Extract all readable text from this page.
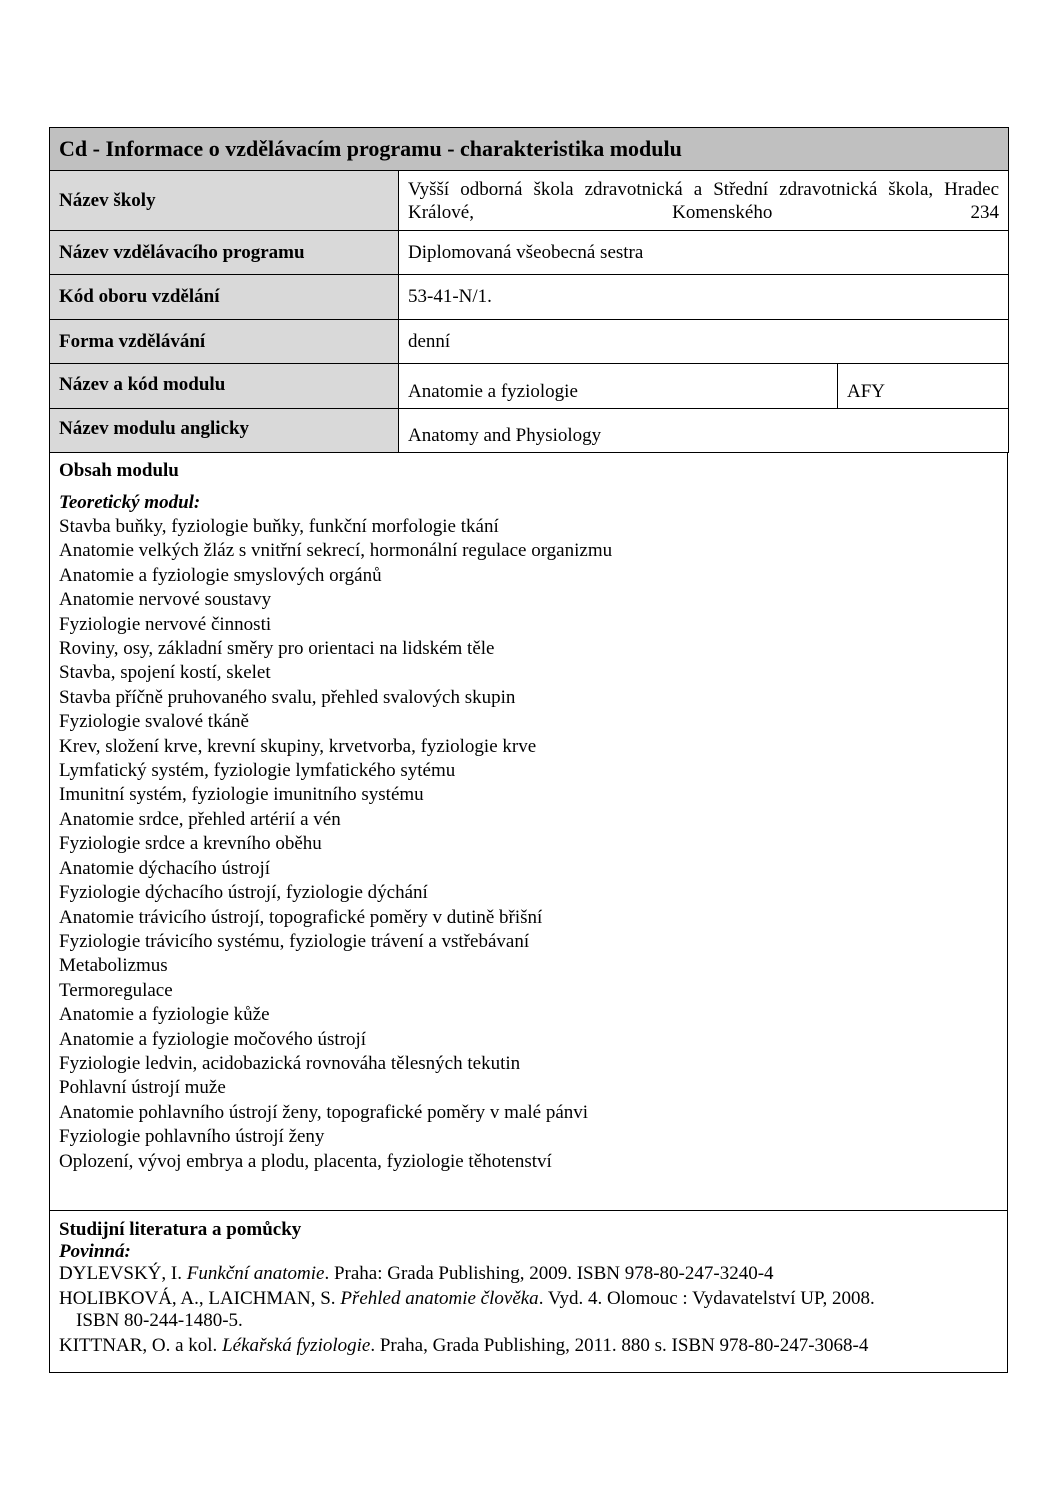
Cd - Informace o vzdělávacím programu - charakteristika modulu		
Název školy	Vyšší odborná škola zdravotnická a Střední zdravotnická škola, Hradec Králové, Komenského 234	
Název vzdělávacího programu	Diplomovaná všeobecná sestra	
Kód oboru vzdělání	53-41-N/1.	
Forma vzdělávání	denní	
Název a kód modulu	Anatomie a fyziologie	AFY
Název modulu anglicky	Anatomy and Physiology	
Obsah modulu
Teoretický modul:
Stavba buňky, fyziologie buňky, funkční morfologie tkání
Anatomie velkých žláz s vnitřní sekrecí, hormonální regulace organizmu
Anatomie a fyziologie smyslových orgánů
Anatomie nervové soustavy
Fyziologie nervové činnosti
Roviny, osy, základní směry pro orientaci na lidském těle
Stavba, spojení kostí, skelet
Stavba příčně pruhovaného svalu, přehled svalových skupin
Fyziologie svalové tkáně
Krev, složení krve, krevní skupiny, krvetvorba, fyziologie krve
Lymfatický systém, fyziologie lymfatického sytému
Imunitní systém, fyziologie imunitního systému
Anatomie srdce, přehled artérií a vén
Fyziologie srdce a krevního oběhu
Anatomie dýchacího ústrojí
Fyziologie dýchacího ústrojí, fyziologie dýchání
Anatomie trávicího ústrojí, topografické poměry v dutině břišní
Fyziologie trávicího systému, fyziologie trávení a vstřebávaní
Metabolizmus
Termoregulace
Anatomie a fyziologie kůže
Anatomie a fyziologie močového ústrojí
Fyziologie ledvin, acidobazická rovnováha tělesných tekutin
Pohlavní ústrojí muže
Anatomie pohlavního ústrojí ženy, topografické poměry v malé pánvi
Fyziologie pohlavního ústrojí ženy
Oplození, vývoj embrya a plodu, placenta, fyziologie těhotenství
Studijní literatura a pomůcky
Povinná:
DYLEVSKÝ, I. Funkční anatomie. Praha: Grada Publishing, 2009. ISBN 978-80-247-3240-4
HOLIBKOVÁ, A., LAICHMAN, S. Přehled anatomie člověka. Vyd. 4. Olomouc : Vydavatelství UP, 2008.
ISBN 80-244-1480-5.
KITTNAR, O. a kol. Lékařská fyziologie. Praha, Grada Publishing, 2011. 880 s. ISBN 978-80-247-3068-4
